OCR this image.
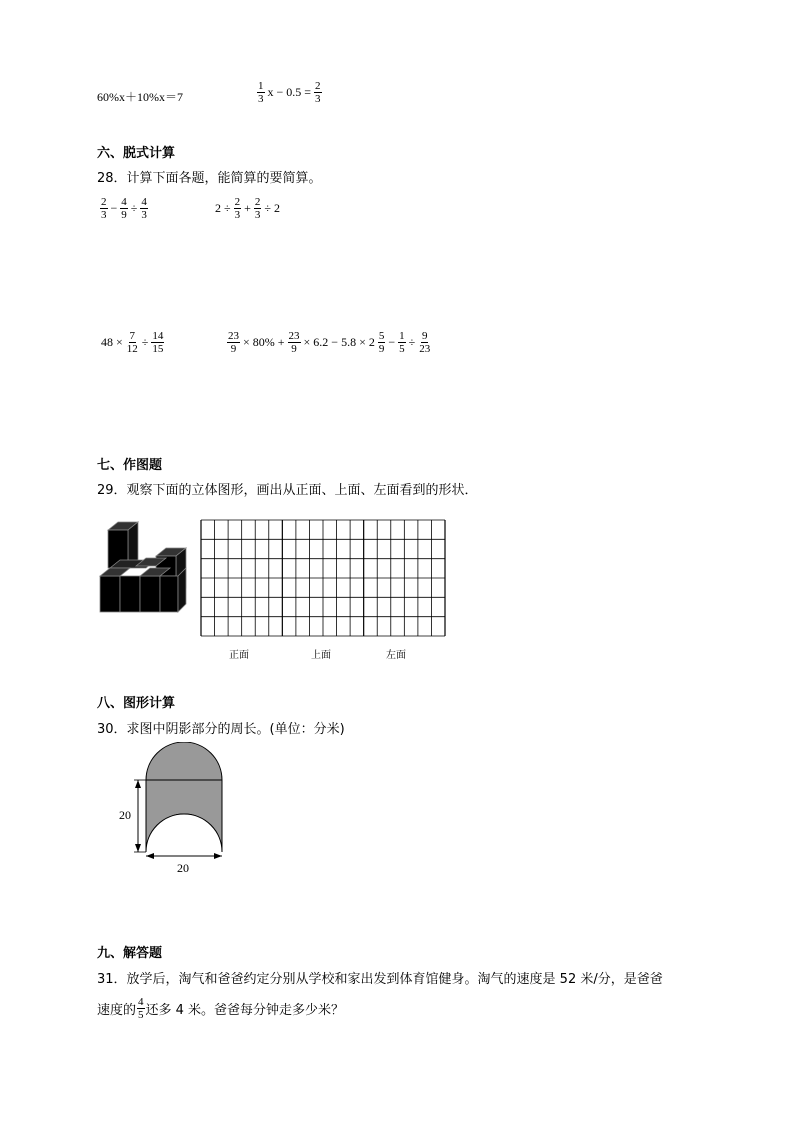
60%x＋10%x＝7	$\frac{1}{3}$ $x - 0.5 = \frac{2}{3}$
六、脱式计算
28．计算下面各题，能简算的要简算。
$\frac{2}{3} - \frac{4}{9} \div \frac{4}{3}$	$2 \div \frac{2}{3} + \frac{2}{3} \div 2$
$48 \times \frac{7}{12} \div \frac{14}{15}$	$\frac{23}{9} \times 80\% + \frac{23}{9} \times 6.2 - 5.8 \times 2 \frac{5}{9} - \frac{1}{5} \div \frac{9}{23}$
七、作图题
29．观察下面的立体图形，画出从正面、上面、左面看到的形状．
正面	上面	左面
八、图形计算
30．求图中阴影部分的周长。(单位：分米)
20
20
九、解答题
31．放学后，淘气和爸爸约定分别从学校和家出发到体育馆健身。淘气的速度是 52 米/分，是爸爸
速度的 $\frac{4}{5}$ 还多 4 米。爸爸每分钟走多少米？
